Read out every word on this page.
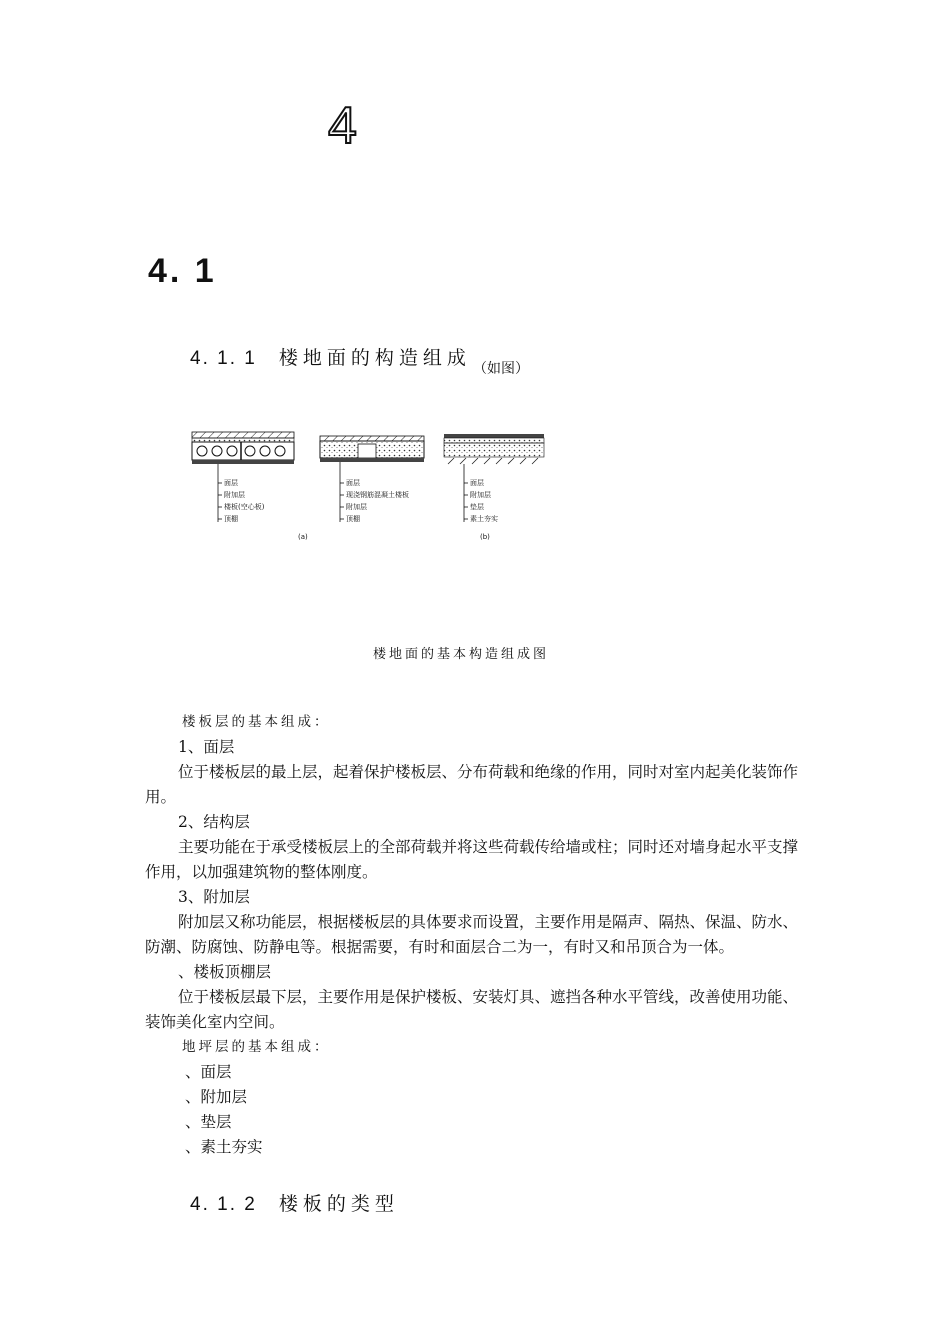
4
4. 1
4. 1. 1 楼地面的构造组成 （如图）
面层
附加层
楼板(空心板)
顶棚
(a)
面层
现浇钢筋混凝土楼板
附加层
顶棚
面层
附加层
垫层
素土夯实
(b)
楼地面的基本构造组成图

楼板层的基本组成：

1、面层

位于楼板层的最上层，起着保护楼板层、分布荷载和绝缘的作用，同时对室内起美化装饰作用。

2、结构层

主要功能在于承受楼板层上的全部荷载并将这些荷载传给墙或柱；同时还对墙身起水平支撑作用，以加强建筑物的整体刚度。

3、附加层

附加层又称功能层，根据楼板层的具体要求而设置，主要作用是隔声、隔热、保温、防水、防潮、防腐蚀、防静电等。根据需要，有时和面层合二为一，有时又和吊顶合为一体。

、楼板顶棚层

位于楼板层最下层，主要作用是保护楼板、安装灯具、遮挡各种水平管线，改善使用功能、装饰美化室内空间。

地坪层的基本组成：

、面层

、附加层

、垫层

、素土夯实

4. 1. 2 楼板的类型
